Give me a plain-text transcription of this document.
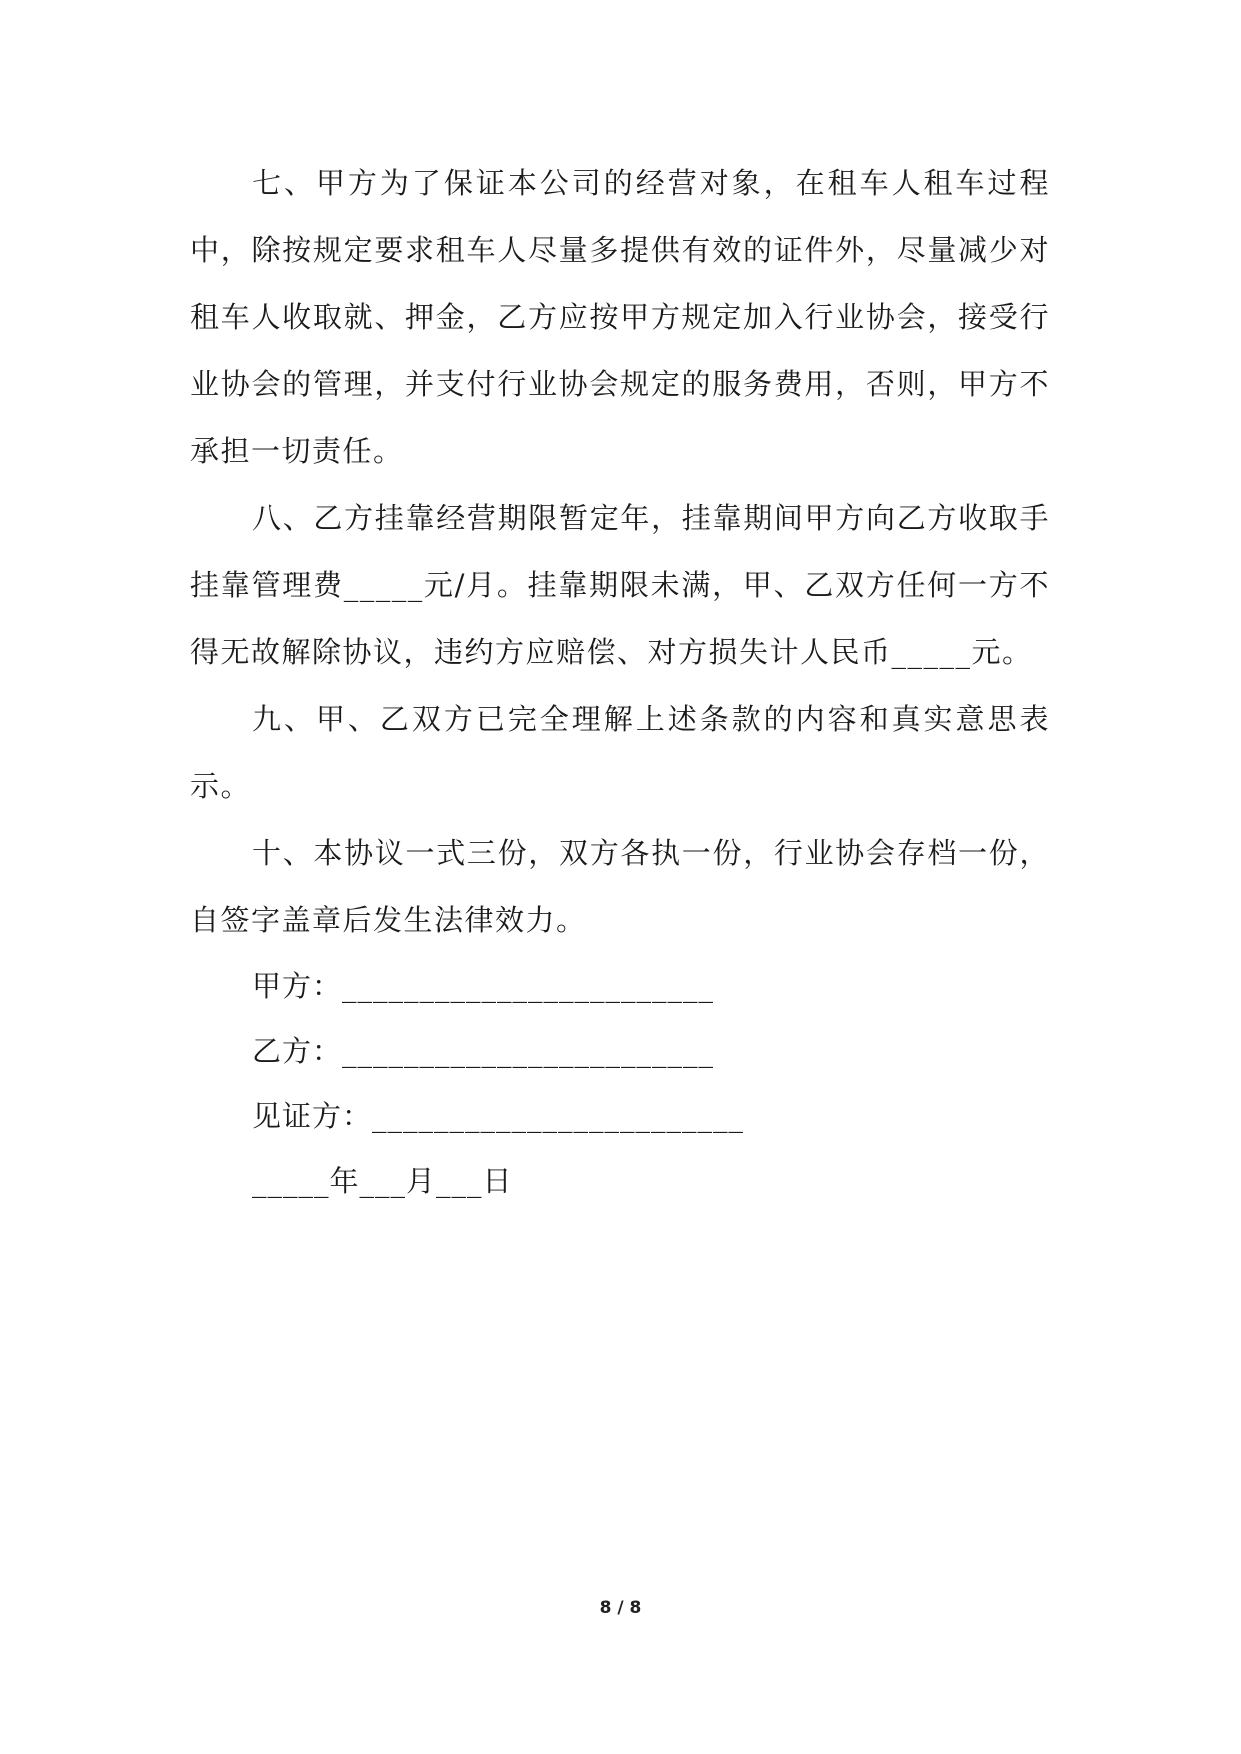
七、甲方为了保证本公司的经营对象，在租车人租车过程中，除按规定要求租车人尽量多提供有效的证件外，尽量减少对租车人收取就、押金，乙方应按甲方规定加入行业协会，接受行业协会的管理，并支付行业协会规定的服务费用，否则，甲方不承担一切责任。

八、乙方挂靠经营期限暂定年，挂靠期间甲方向乙方收取手挂靠管理费_____元/月。挂靠期限未满，甲、乙双方任何一方不得无故解除协议，违约方应赔偿、对方损失计人民币_____元。

九、甲、乙双方已完全理解上述条款的内容和真实意思表示。

十、本协议一式三份，双方各执一份，行业协会存档一份，自签字盖章后发生法律效力。

甲方：________________________

乙方：________________________

见证方：________________________

_____年___月___日

8 / 8
